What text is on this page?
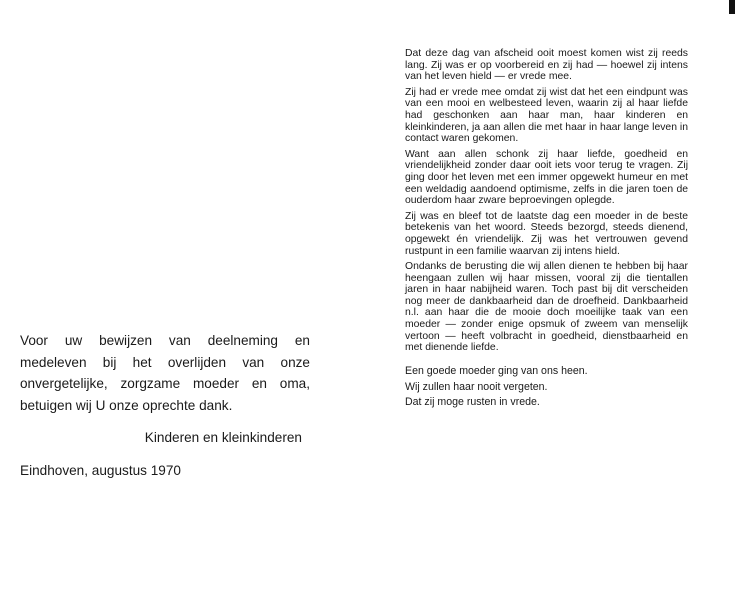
Voor uw bewijzen van deelneming en medeleven bij het overlijden van onze onvergetelijke, zorgzame moeder en oma, betuigen wij U onze oprechte dank.

Kinderen en kleinkinderen

Eindhoven, augustus 1970

Dat deze dag van afscheid ooit moest komen wist zij reeds lang. Zij was er op voorbereid en zij had — hoewel zij intens van het leven hield — er vrede mee.

Zij had er vrede mee omdat zij wist dat het een eindpunt was van een mooi en welbesteed leven, waarin zij al haar liefde had geschonken aan haar man, haar kinderen en kleinkinderen, ja aan allen die met haar in haar lange leven in contact waren gekomen.

Want aan allen schonk zij haar liefde, goedheid en vriendelijkheid zonder daar ooit iets voor terug te vragen. Zij ging door het leven met een immer opgewekt humeur en met een weldadig aandoend optimisme, zelfs in die jaren toen de ouderdom haar zware beproevingen oplegde.

Zij was en bleef tot de laatste dag een moeder in de beste betekenis van het woord. Steeds bezorgd, steeds dienend, opgewekt én vriendelijk. Zij was het vertrouwen gevend rustpunt in een familie waarvan zij intens hield.

Ondanks de berusting die wij allen dienen te hebben bij haar heengaan zullen wij haar missen, vooral zij die tientallen jaren in haar nabijheid waren. Toch past bij dit verscheiden nog meer de dankbaarheid dan de droefheid. Dankbaarheid n.l. aan haar die de mooie doch moeilijke taak van een moeder — zonder enige opsmuk of zweem van menselijk vertoon — heeft volbracht in goedheid, dienstbaarheid en met dienende liefde.

Een goede moeder ging van ons heen.
Wij zullen haar nooit vergeten.
Dat zij moge rusten in vrede.
